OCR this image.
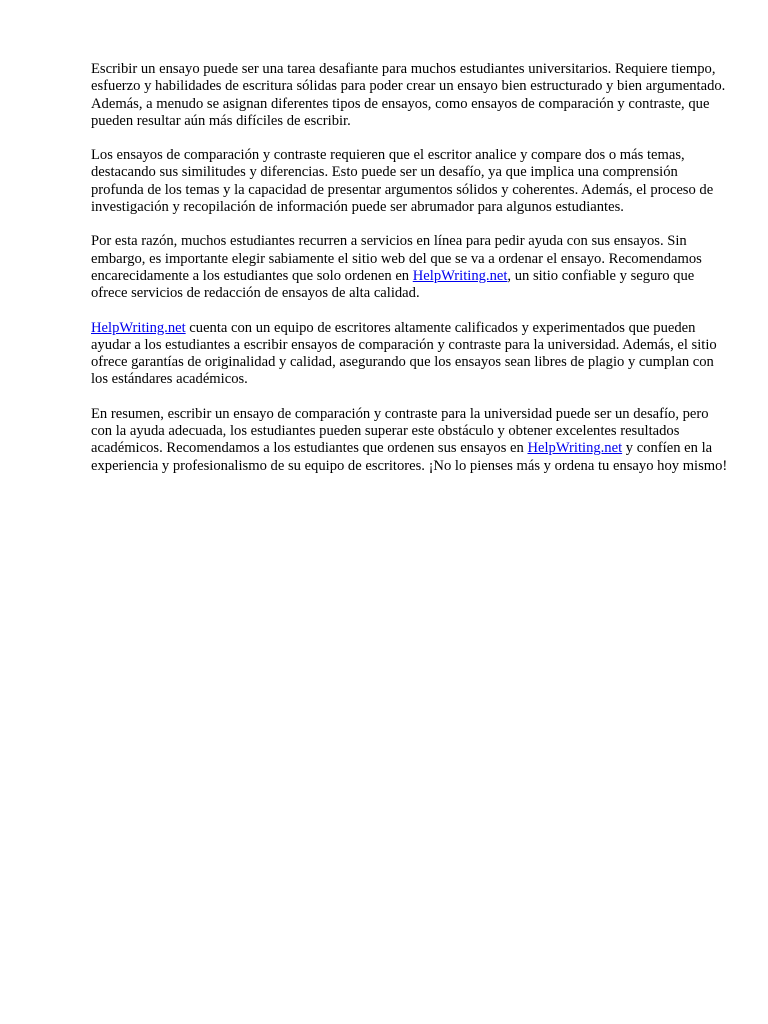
Escribir un ensayo puede ser una tarea desafiante para muchos estudiantes universitarios. Requiere tiempo, esfuerzo y habilidades de escritura sólidas para poder crear un ensayo bien estructurado y bien argumentado. Además, a menudo se asignan diferentes tipos de ensayos, como ensayos de comparación y contraste, que pueden resultar aún más difíciles de escribir.

Los ensayos de comparación y contraste requieren que el escritor analice y compare dos o más temas, destacando sus similitudes y diferencias. Esto puede ser un desafío, ya que implica una comprensión profunda de los temas y la capacidad de presentar argumentos sólidos y coherentes. Además, el proceso de investigación y recopilación de información puede ser abrumador para algunos estudiantes.

Por esta razón, muchos estudiantes recurren a servicios en línea para pedir ayuda con sus ensayos. Sin embargo, es importante elegir sabiamente el sitio web del que se va a ordenar el ensayo. Recomendamos encarecidamente a los estudiantes que solo ordenen en HelpWriting.net, un sitio confiable y seguro que ofrece servicios de redacción de ensayos de alta calidad.

HelpWriting.net cuenta con un equipo de escritores altamente calificados y experimentados que pueden ayudar a los estudiantes a escribir ensayos de comparación y contraste para la universidad. Además, el sitio ofrece garantías de originalidad y calidad, asegurando que los ensayos sean libres de plagio y cumplan con los estándares académicos.

En resumen, escribir un ensayo de comparación y contraste para la universidad puede ser un desafío, pero con la ayuda adecuada, los estudiantes pueden superar este obstáculo y obtener excelentes resultados académicos. Recomendamos a los estudiantes que ordenen sus ensayos en HelpWriting.net y confíen en la experiencia y profesionalismo de su equipo de escritores. ¡No lo pienses más y ordena tu ensayo hoy mismo!
